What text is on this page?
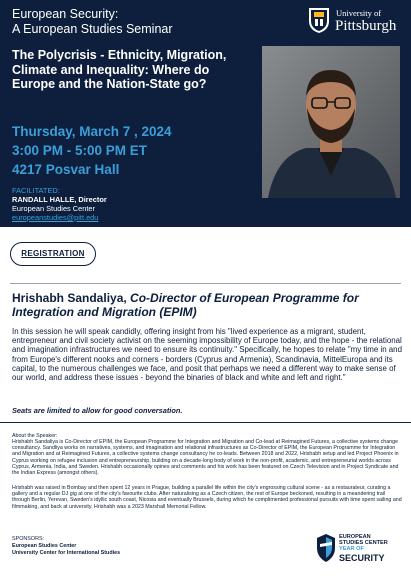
European Security:
A European Studies Seminar
University of
Pittsburgh
The Polycrisis - Ethnicity, Migration, Climate and Inequality: Where do Europe and the Nation-State go?
Thursday, March 7 , 2024
3:00 PM - 5:00 PM ET
4217 Posvar Hall
FACILITATED:
RANDALL HALLE, Director
European Studies Center
europeanstudies@pitt.edu
REGISTRATION
Hrishabh Sandaliya, Co-Director of European Programme for Integration and Migration (EPIM)
In this session he will speak candidly, offering insight from his "lived experience as a migrant, student, entrepreneur and civil society activist on the seeming impossibility of Europe today, and the hope - the relational and imagination infrastructures we need to ensure its continuity." Specifically, he hopes to relate "my time in and from Europe's different nooks and corners - borders (Cyprus and Armenia), Scandinavia, MittelEuropa and its capital, to the numerous challenges we face, and posit that perhaps we need a different way to make sense of our world, and address these issues - beyond the binaries of black and white and left and right."
Seats are limited to allow for good conversation.
About the Speaker:
Hrishabh Sandaliya is Co-Director of EPIM, the European Programme for Integration and Migration and Co-lead at Reimagined Futures, a collective systems change consultancy. Sandliya works on narratives, systems, and imagination and relational infrastructures as Co-Director of EPIM, the European Programme for Integration and Migration and at Reimagined Futures, a collective systems change consultancy he co-leads. Between 2018 and 2022, Hrishabh setup and led Project Phoenix in Cyprus working on refugee inclusion and entrepreneurship, building on a decade-long body of work in the non-profit, academic, and entrepreneurial worlds across Cyprus, Armenia, India, and Sweden. Hrishabh occasionally opines and comments and his work has been featured on Czech Television and in Project Syndicate and the Indian Express (amongst others).
Hrishabh was raised in Bombay and then spent 12 years in Prague, building a parallel life within the city's engrossing cultural scene - as a restaurateur, curating a gallery and a regular DJ gig at one of the city's favourite clubs. After naturalising as a Czech citizen, the rest of Europe beckoned, resulting in a meandering trail through Berlin, Yerevan, Sweden's idyllic south coast, Nicosia and eventually Brussels, during which he complimented professional pursuits with time spent sailing and filmmaking, and back at university. Hrishabh was a 2023 Marshall Memorial Fellow.
SPONSORS:
European Studies Center
University Center for International Studies
EUROPEAN
STUDIES CENTER
YEAR OF
SECURITY
